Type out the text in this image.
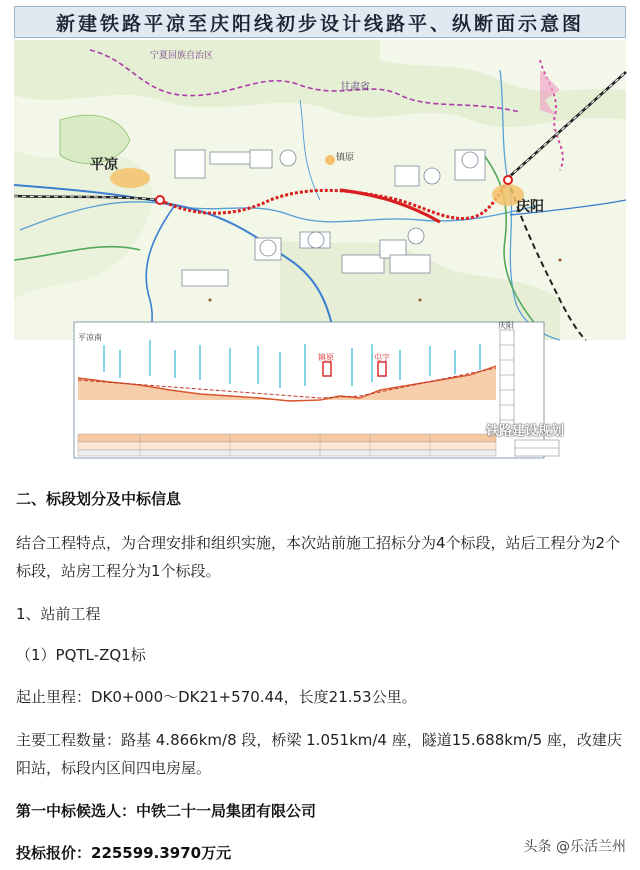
平凉
庆阳
甘肃省
宁夏回族自治区
镇原
新建铁路平凉至庆阳线初步设计线路平、纵断面示意图
平凉南
庆阳
镇原	屯字
铁路建设规划

二、标段划分及中标信息

结合工程特点，为合理安排和组织实施，本次站前施工招标分为4个标段，站后工程分为2个标段，站房工程分为1个标段。

1、站前工程

（1）PQTL-ZQ1标

起止里程：DK0+000～DK21+570.44，长度21.53公里。

主要工程数量：路基 4.866km/8 段，桥梁 1.051km/4 座，隧道15.688km/5 座，改建庆阳站，标段内区间四电房屋。

第一中标候选人：中铁二十一局集团有限公司

投标报价：225599.3970万元	头条 @乐活兰州
